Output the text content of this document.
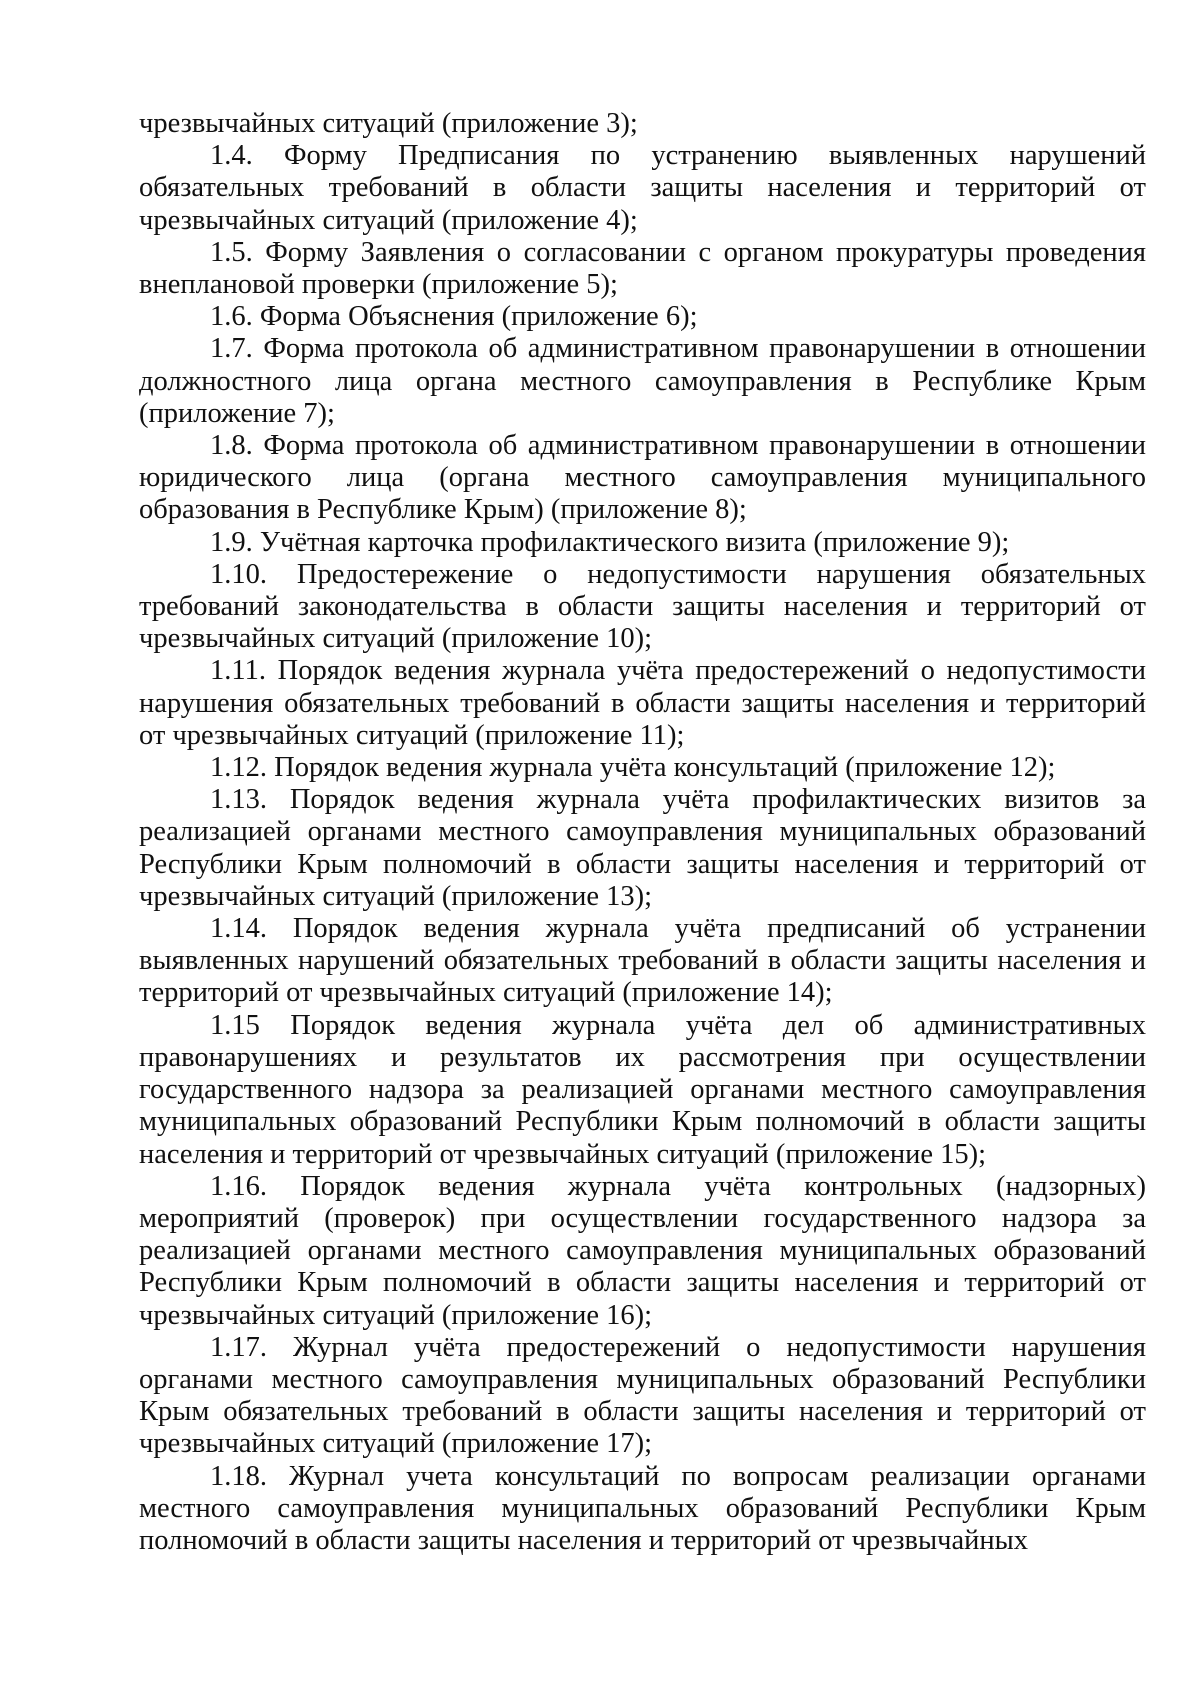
чрезвычайных ситуаций (приложение 3);

1.4. Форму Предписания по устранению выявленных нарушений обязательных требований в области защиты населения и территорий от чрезвычайных ситуаций (приложение 4);

1.5. Форму Заявления о согласовании с органом прокуратуры проведения внеплановой проверки (приложение 5);

1.6. Форма Объяснения (приложение 6);

1.7. Форма протокола об административном правонарушении в отношении должностного лица органа местного самоуправления в Республике Крым (приложение 7);

1.8. Форма протокола об административном правонарушении в отношении юридического лица (органа местного самоуправления муниципального образования в Республике Крым) (приложение 8);

1.9. Учётная карточка профилактического визита (приложение 9);

1.10. Предостережение о недопустимости нарушения обязательных требований законодательства в области защиты населения и территорий от чрезвычайных ситуаций (приложение 10);

1.11. Порядок ведения журнала учёта предостережений о недопустимости нарушения обязательных требований в области защиты населения и территорий от чрезвычайных ситуаций (приложение 11);

1.12. Порядок ведения журнала учёта консультаций (приложение 12);

1.13. Порядок ведения журнала учёта профилактических визитов за реализацией органами местного самоуправления муниципальных образований Республики Крым полномочий в области защиты населения и территорий от чрезвычайных ситуаций (приложение 13);

1.14. Порядок ведения журнала учёта предписаний об устранении выявленных нарушений обязательных требований в области защиты населения и территорий от чрезвычайных ситуаций (приложение 14);

1.15 Порядок ведения журнала учёта дел об административных правонарушениях и результатов их рассмотрения при осуществлении государственного надзора за реализацией органами местного самоуправления муниципальных образований Республики Крым полномочий в области защиты населения и территорий от чрезвычайных ситуаций (приложение 15);

1.16. Порядок ведения журнала учёта контрольных (надзорных) мероприятий (проверок) при осуществлении государственного надзора за реализацией органами местного самоуправления муниципальных образований Республики Крым полномочий в области защиты населения и территорий от чрезвычайных ситуаций (приложение 16);

1.17. Журнал учёта предостережений о недопустимости нарушения органами местного самоуправления муниципальных образований Республики Крым обязательных требований в области защиты населения и территорий от чрезвычайных ситуаций (приложение 17);

1.18. Журнал учета консультаций по вопросам реализации органами местного самоуправления муниципальных образований Республики Крым полномочий в области защиты населения и территорий от чрезвычайных
